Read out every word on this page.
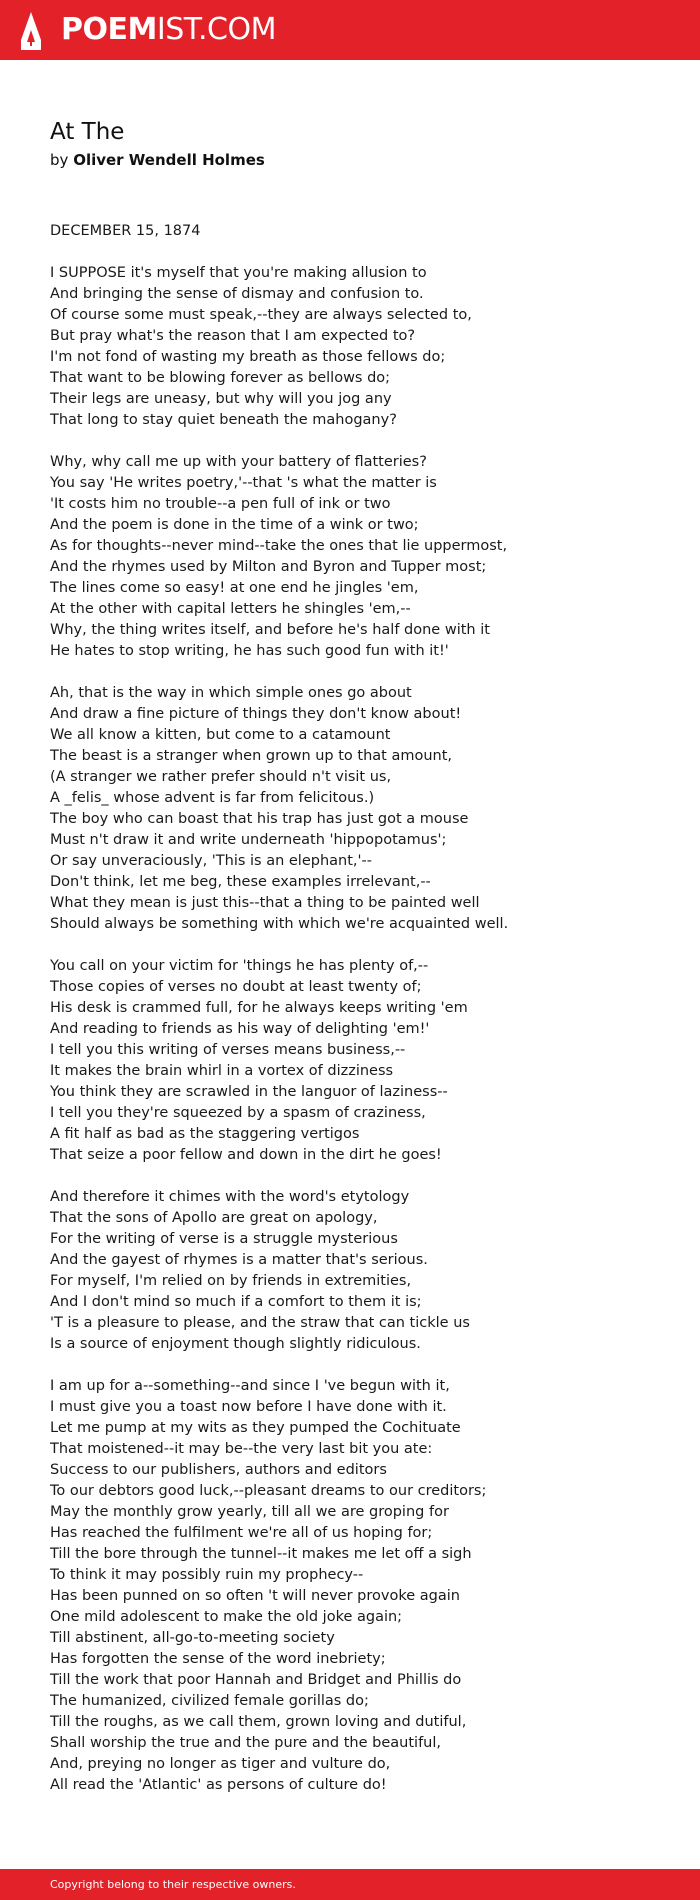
POEMIST.COM
At The
by Oliver Wendell Holmes
DECEMBER 15, 1874
I SUPPOSE it's myself that you're making allusion to
And bringing the sense of dismay and confusion to.
Of course some must speak,--they are always selected to,
But pray what's the reason that I am expected to?
I'm not fond of wasting my breath as those fellows do;
That want to be blowing forever as bellows do;
Their legs are uneasy, but why will you jog any
That long to stay quiet beneath the mahogany?
Why, why call me up with your battery of flatteries?
You say 'He writes poetry,'--that 's what the matter is
'It costs him no trouble--a pen full of ink or two
And the poem is done in the time of a wink or two;
As for thoughts--never mind--take the ones that lie uppermost,
And the rhymes used by Milton and Byron and Tupper most;
The lines come so easy! at one end he jingles 'em,
At the other with capital letters he shingles 'em,--
Why, the thing writes itself, and before he's half done with it
He hates to stop writing, he has such good fun with it!'
Ah, that is the way in which simple ones go about
And draw a fine picture of things they don't know about!
We all know a kitten, but come to a catamount
The beast is a stranger when grown up to that amount,
(A stranger we rather prefer should n't visit us,
A _felis_ whose advent is far from felicitous.)
The boy who can boast that his trap has just got a mouse
Must n't draw it and write underneath 'hippopotamus';
Or say unveraciously, 'This is an elephant,'--
Don't think, let me beg, these examples irrelevant,--
What they mean is just this--that a thing to be painted well
Should always be something with which we're acquainted well.
You call on your victim for 'things he has plenty of,--
Those copies of verses no doubt at least twenty of;
His desk is crammed full, for he always keeps writing 'em
And reading to friends as his way of delighting 'em!'
I tell you this writing of verses means business,--
It makes the brain whirl in a vortex of dizziness
You think they are scrawled in the languor of laziness--
I tell you they're squeezed by a spasm of craziness,
A fit half as bad as the staggering vertigos
That seize a poor fellow and down in the dirt he goes!
And therefore it chimes with the word's etytology
That the sons of Apollo are great on apology,
For the writing of verse is a struggle mysterious
And the gayest of rhymes is a matter that's serious.
For myself, I'm relied on by friends in extremities,
And I don't mind so much if a comfort to them it is;
'T is a pleasure to please, and the straw that can tickle us
Is a source of enjoyment though slightly ridiculous.
I am up for a--something--and since I 've begun with it,
I must give you a toast now before I have done with it.
Let me pump at my wits as they pumped the Cochituate
That moistened--it may be--the very last bit you ate:
Success to our publishers, authors and editors
To our debtors good luck,--pleasant dreams to our creditors;
May the monthly grow yearly, till all we are groping for
Has reached the fulfilment we're all of us hoping for;
Till the bore through the tunnel--it makes me let off a sigh
To think it may possibly ruin my prophecy--
Has been punned on so often 't will never provoke again
One mild adolescent to make the old joke again;
Till abstinent, all-go-to-meeting society
Has forgotten the sense of the word inebriety;
Till the work that poor Hannah and Bridget and Phillis do
The humanized, civilized female gorillas do;
Till the roughs, as we call them, grown loving and dutiful,
Shall worship the true and the pure and the beautiful,
And, preying no longer as tiger and vulture do,
All read the 'Atlantic' as persons of culture do!
Copyright belong to their respective owners.
